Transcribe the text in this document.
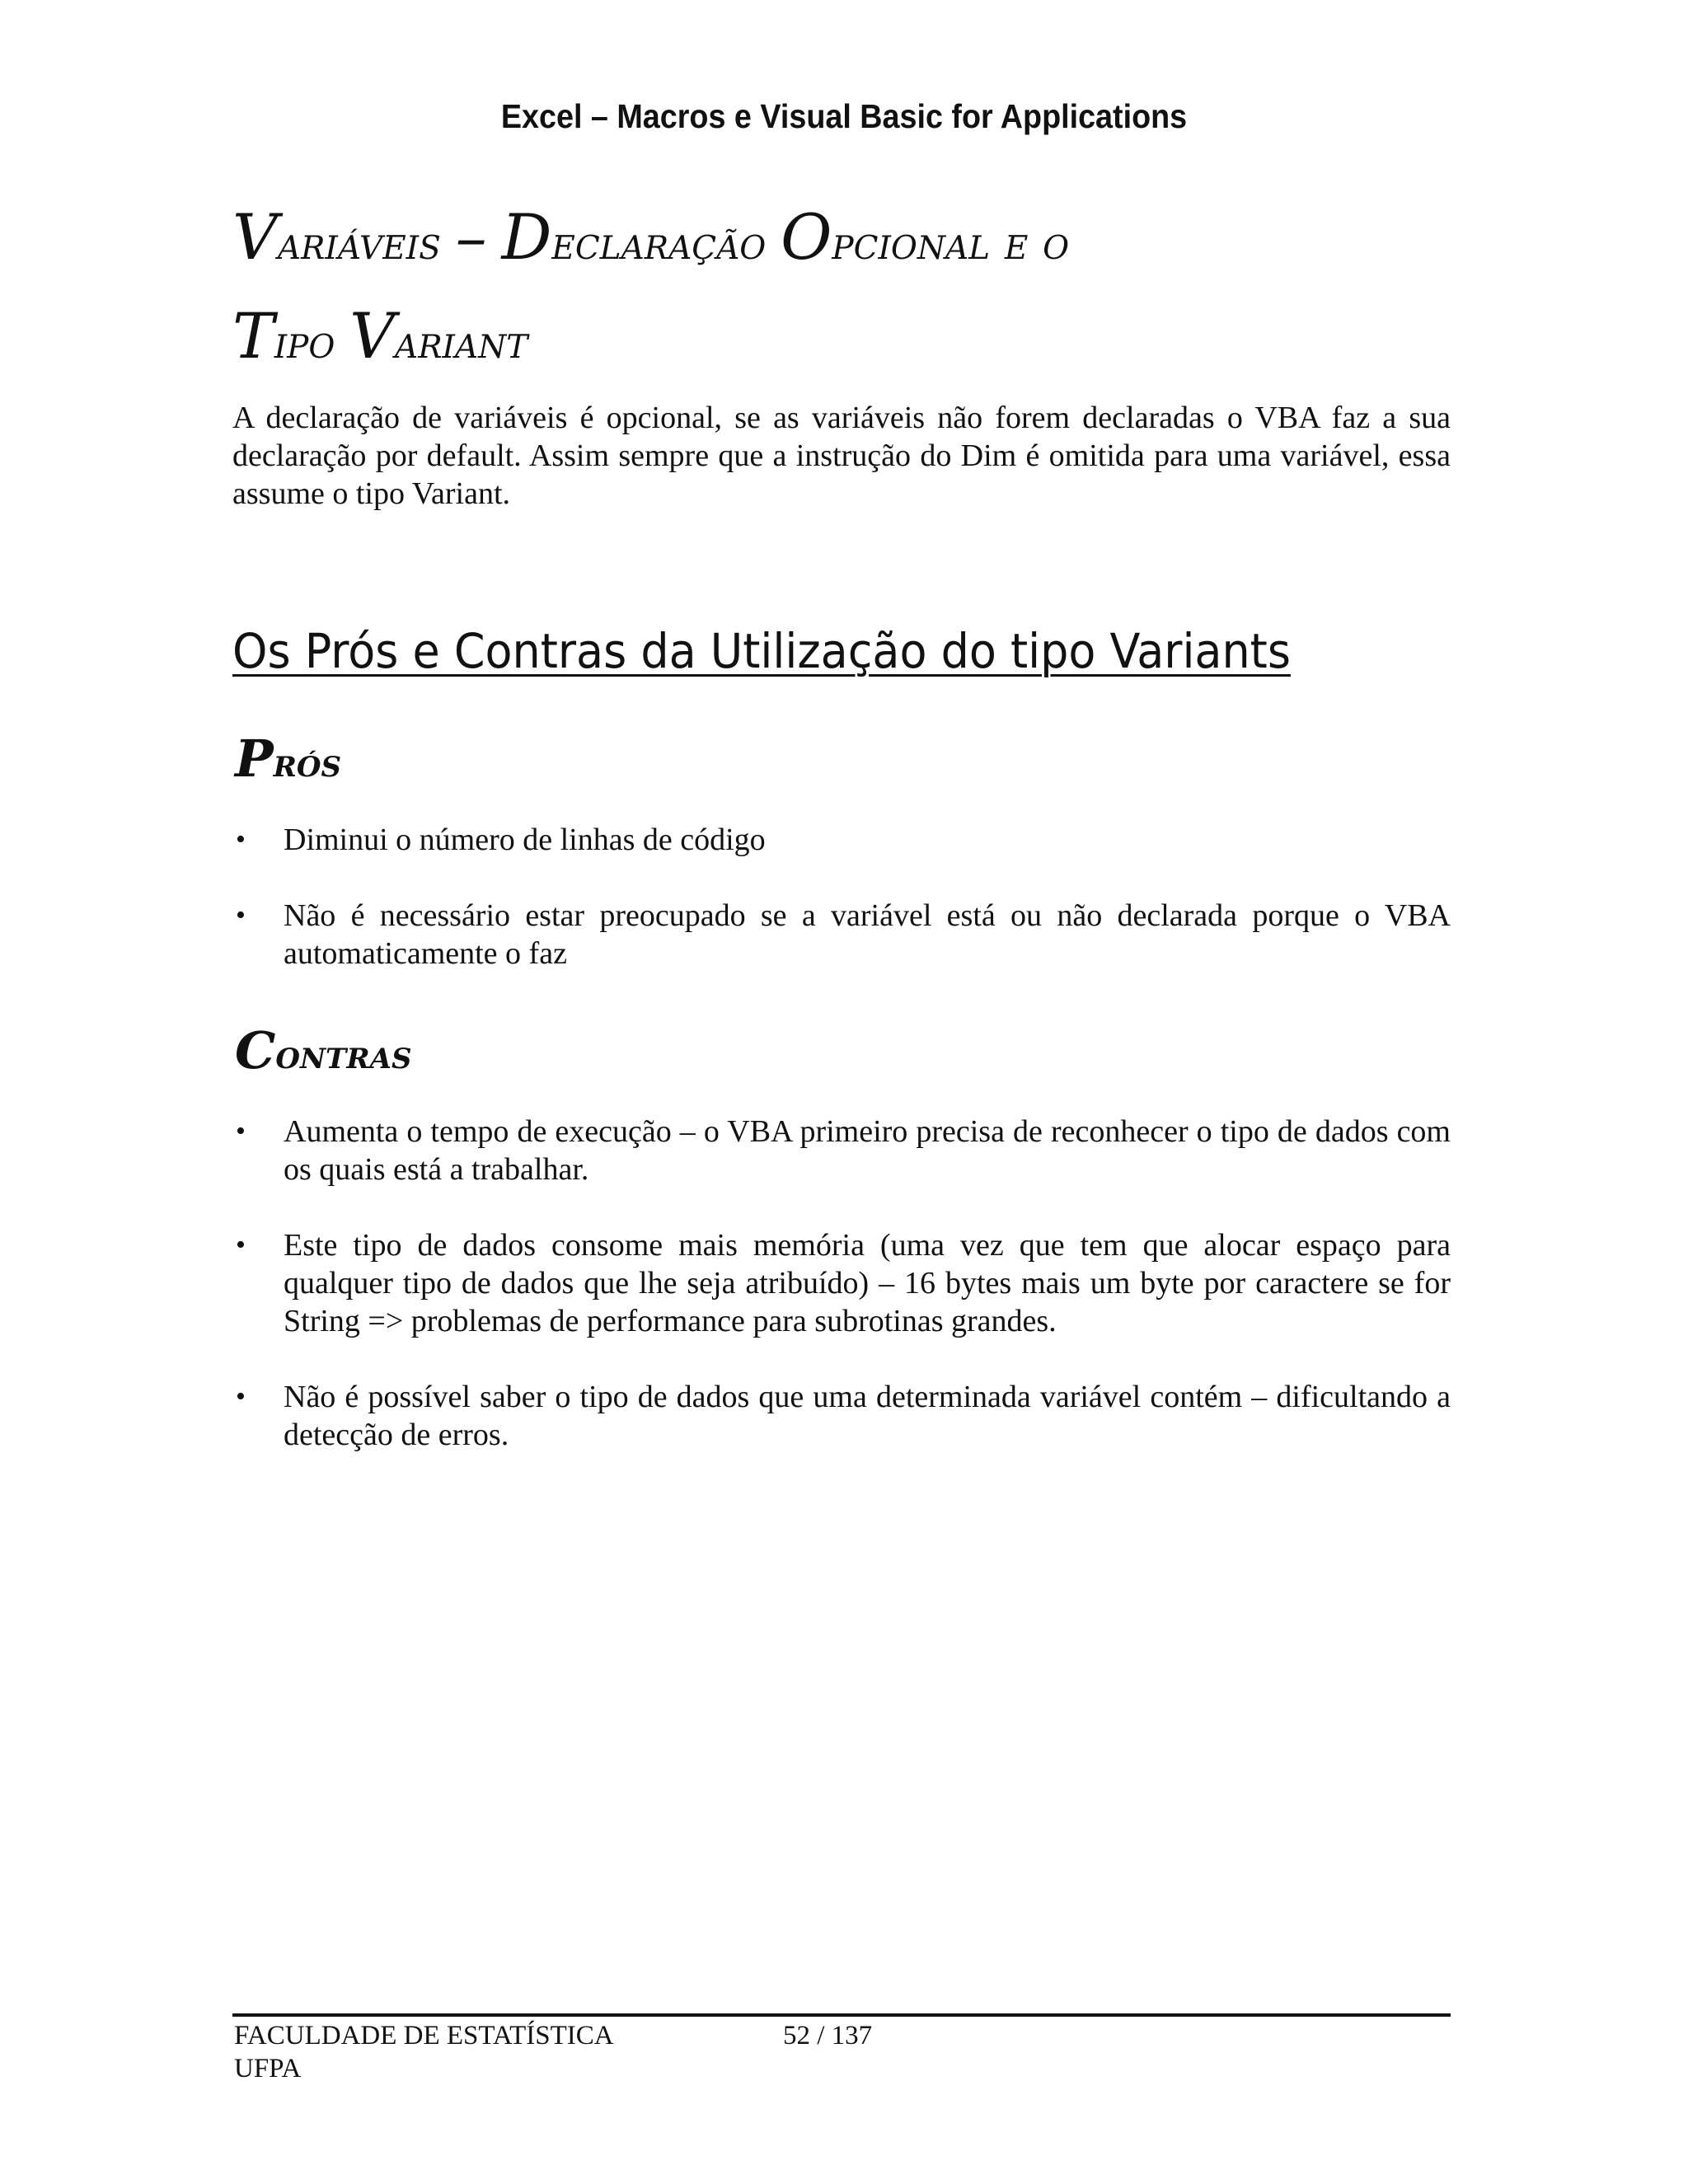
Excel – Macros e Visual Basic for Applications
Variáveis – Declaração Opcional e o
Tipo Variant

A declaração de variáveis é opcional, se as variáveis não forem declaradas o VBA faz a sua declaração por default. Assim sempre que a instrução do Dim é omitida para uma variável, essa assume o tipo Variant.

Os Prós e Contras da Utilização do tipo Variants
Prós
• Diminui o número de linhas de código
• Não é necessário estar preocupado se a variável está ou não declarada porque o VBA automaticamente o faz
Contras
• Aumenta o tempo de execução – o VBA primeiro precisa de reconhecer o tipo de dados com os quais está a trabalhar.
• Este tipo de dados consome mais memória (uma vez que tem que alocar espaço para qualquer tipo de dados que lhe seja atribuído) – 16 bytes mais um byte por caractere se for String => problemas de performance para subrotinas grandes.
• Não é possível saber o tipo de dados que uma determinada variável contém – dificultando a detecção de erros.
FACULDADE DE ESTATÍSTICA
UFPA
52 / 137
